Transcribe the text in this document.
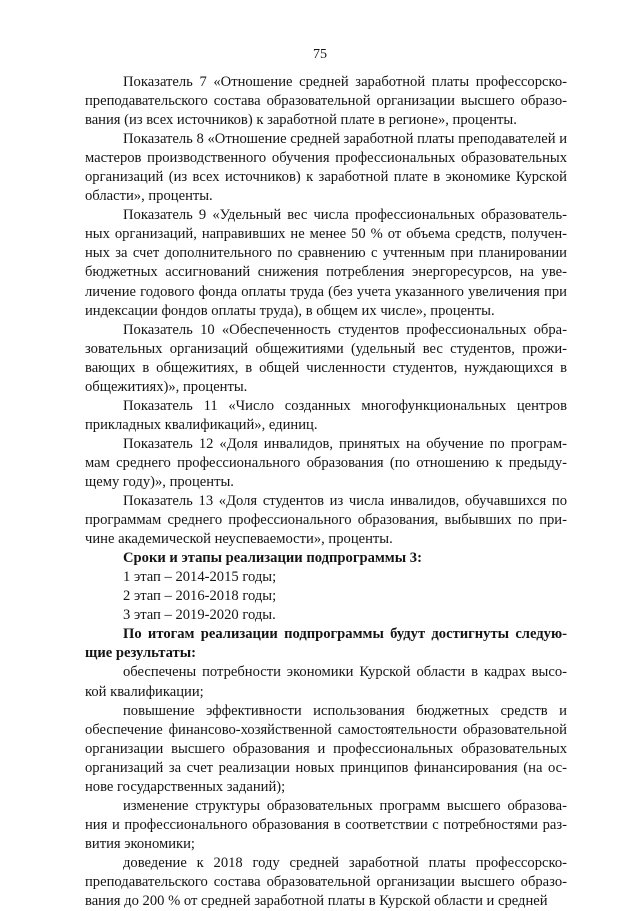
75

Показатель 7 «Отношение средней заработной платы профессорско-преподавательского состава образовательной организации высшего образования (из всех источников) к заработной плате в регионе», проценты.

Показатель 8 «Отношение средней заработной платы преподавателей и мастеров производственного обучения профессиональных образовательных организаций (из всех источников) к заработной плате в экономике Курской области», проценты.

Показатель 9 «Удельный вес числа профессиональных образовательных организаций, направивших не менее 50 % от объема средств, полученных за счет дополнительного по сравнению с учтенным при планировании бюджетных ассигнований снижения потребления энергоресурсов, на увеличение годового фонда оплаты труда (без учета указанного увеличения при индексации фондов оплаты труда), в общем их числе», проценты.

Показатель 10 «Обеспеченность студентов профессиональных образовательных организаций общежитиями (удельный вес студентов, проживающих в общежитиях, в общей численности студентов, нуждающихся в общежитиях)», проценты.

Показатель 11 «Число созданных многофункциональных центров прикладных квалификаций», единиц.

Показатель 12 «Доля инвалидов, принятых на обучение по программам среднего профессионального образования (по отношению к предыдущему году)», проценты.

Показатель 13 «Доля студентов из числа инвалидов, обучавшихся по программам среднего профессионального образования, выбывших по причине академической неуспеваемости», проценты.

Сроки и этапы реализации подпрограммы 3:

1 этап – 2014-2015 годы;

2 этап – 2016-2018 годы;

3 этап – 2019-2020 годы.

По итогам реализации подпрограммы будут достигнуты следующие результаты:

обеспечены потребности экономики Курской области в кадрах высокой квалификации;

повышение эффективности использования бюджетных средств и обеспечение финансово-хозяйственной самостоятельности образовательной организации высшего образования и профессиональных образовательных организаций за счет реализации новых принципов финансирования (на основе государственных заданий);

изменение структуры образовательных программ высшего образования и профессионального образования в соответствии с потребностями развития экономики;

доведение к 2018 году средней заработной платы профессорско-преподавательского состава образовательной организации высшего образования до 200 % от средней заработной платы в Курской области и средней
